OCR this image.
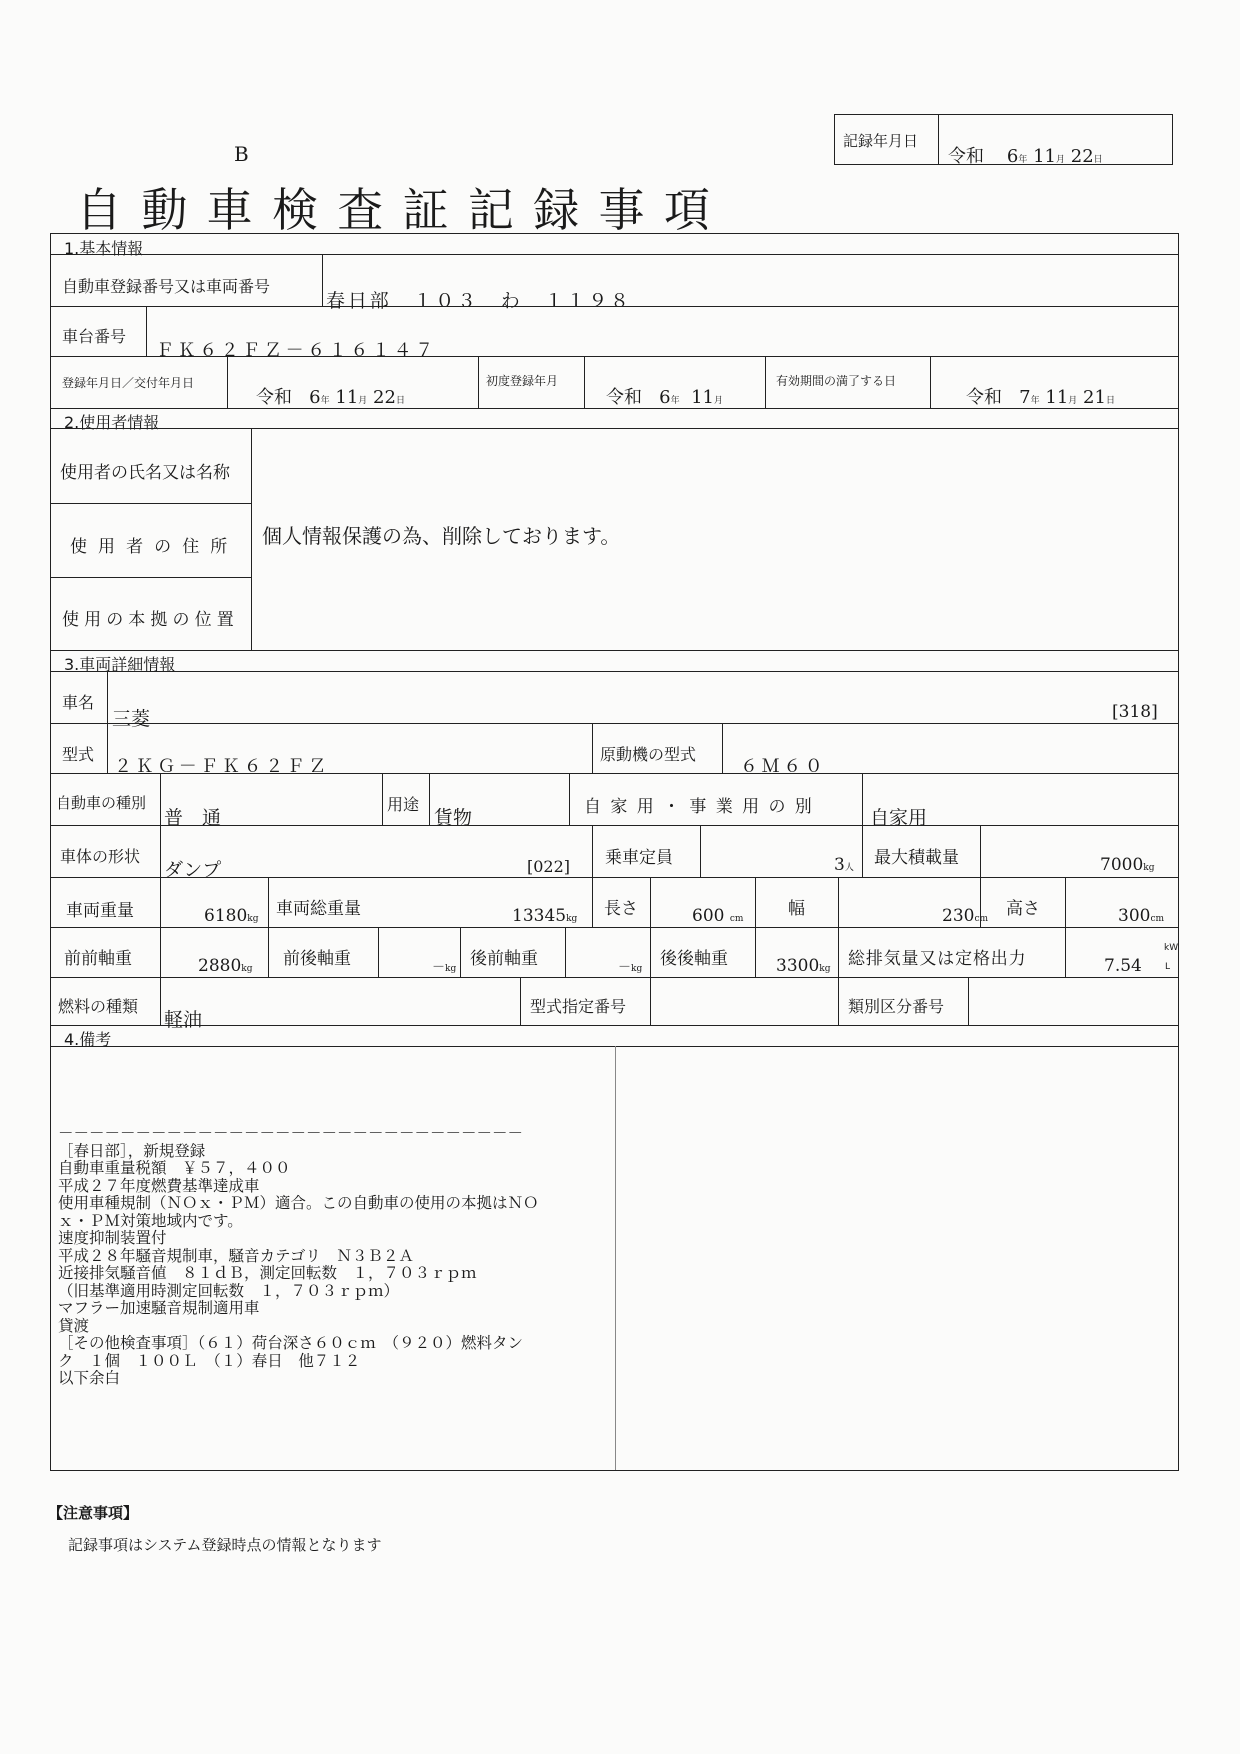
記録年月日
令和 6年 11月 22日
B
自動車検査証記録事項
1.基本情報
自動車登録番号又は車両番号
春日部　１０３　わ　１１９８
車台番号
ＦＫ６２ＦＺ－６１６１４７
登録年月日／交付年月日
令和 6年 11月 22日
初度登録年月
令和 6年 11月
有効期間の満了する日
令和 7年 11月 21日
2.使用者情報
使用者の氏名又は名称
使用者の住所 個人情報保護の為、削除しております。
使用の本拠の位置
3.車両詳細情報
車名
三菱	[318]
型式
２ＫＧ－ＦＫ６２ＦＺ
原動機の型式
６Ｍ６０
自動車の種別
普　通
用途
貨物	自家用・事業用の別	自家用
車体の形状
ダンプ	[022] 乗車定員	3人 最大積載量	7000kg
車両重量	6180kg 車両総重量	13345kg 長さ	600 cm	幅	230cm 高さ	300cm
前前軸重	2880kg 前後軸重	－kg 後前軸重	－kg 後後軸重	3300kg 総排気量又は定格出力	7.54
kW
L
燃料の種類
軽油
型式指定番号	類別区分番号
4.備考
－－－－－－－－－－－－－－－－－－－－－－－－－－－－－－
［春日部］，新規登録
自動車重量税額　￥５７，４００
平成２７年度燃費基準達成車
使用車種規制（ＮＯｘ・ＰＭ）適合。この自動車の使用の本拠はＮＯ
ｘ・ＰＭ対策地域内です。
速度抑制装置付
平成２８年騒音規制車，騒音カテゴリ　Ｎ３Ｂ２Ａ
近接排気騒音値　８１ｄＢ，測定回転数　１，７０３ｒｐｍ
（旧基準適用時測定回転数　１，７０３ｒｐｍ）
マフラー加速騒音規制適用車
貸渡
［その他検査事項］（６１）荷台深さ６０ｃｍ　（９２０）燃料タン
ク　１個　１００Ｌ　（１）春日　他７１２
以下余白
【注意事項】
記録事項はシステム登録時点の情報となります
